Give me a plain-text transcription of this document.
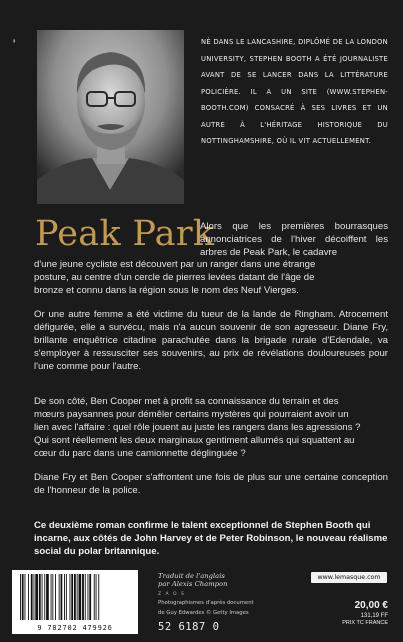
▮	NÉ DANS LE LANCASHIRE, DIPLÔMÉ DE LA LONDON UNIVERSITY, STEPHEN BOOTH A ÉTÉ JOURNALISTE AVANT DE SE LANCER DANS LA LITTÉRATURE POLICIÈRE. IL A UN SITE (WWW.STEPHEN-BOOTH.COM) CONSACRÉ À SES LIVRES ET UN AUTRE À L'HÉRITAGE HISTORIQUE DU NOTTINGHAMSHIRE, OÙ IL VIT ACTUELLEMENT.
Peak Park
Alors que les premières bourrasques annonciatrices de l'hiver décoiffent les arbres de Peak Park, le cadavre
d'une jeune cycliste est découvert par un ranger dans une étrange
posture, au centre d'un cercle de pierres levées datant de l'âge de
bronze et connu dans la région sous le nom des Neuf Vierges.
Or une autre femme a été victime du tueur de la lande de Ringham. Atrocement défigurée, elle a survécu, mais n'a aucun souvenir de son agresseur. Diane Fry, brillante enquêtrice citadine parachutée dans la brigade rurale d'Edendale, va s'employer à ressusciter ses souvenirs, au prix de révélations douloureuses pour l'une comme pour l'autre.
De son côté, Ben Cooper met à profit sa connaissance du terrain et des
mœurs paysannes pour démêler certains mystères qui pourraient avoir un
lien avec l'affaire : quel rôle jouent au juste les rangers dans les agressions ?
Qui sont réellement les deux marginaux gentiment allumés qui squattent au
cœur du parc dans une camionnette déglinguée ?
Diane Fry et Ben Cooper s'affrontent une fois de plus sur une certaine conception de l'honneur de la police.
Ce deuxième roman confirme le talent exceptionnel de Stephen Booth qui incarne, aux côtés de John Harvey et de Peter Robinson, le nouveau réalisme social du polar britannique.
9 782702 479926
Traduit de l'anglais
par Alexis Champon
Z A O S
Photographismes d'après document
de Guy Edwardes © Getty Images
52 6187 0
www.lemasque.com
20,00 €
131,19 FF
PRIX TC FRANCE
